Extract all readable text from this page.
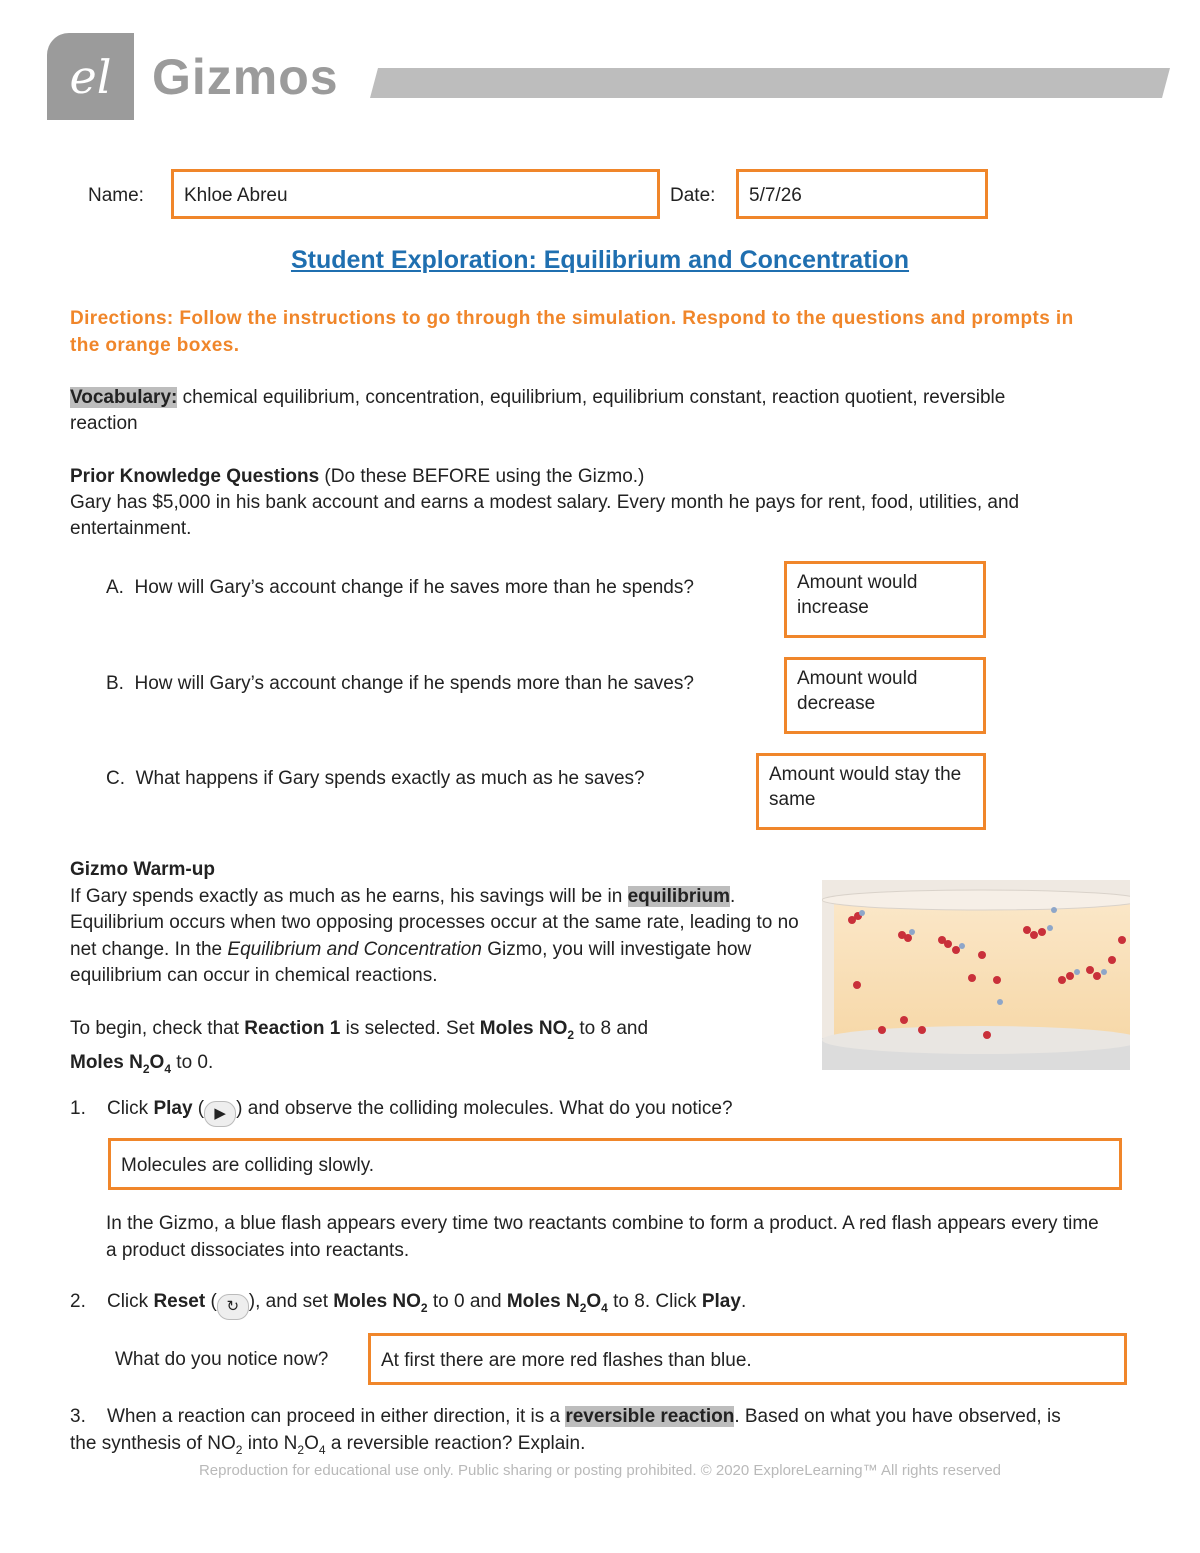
el Gizmos
Name:	Khloe Abreu	Date:	5/7/26
Student Exploration: Equilibrium and Concentration
Directions: Follow the instructions to go through the simulation. Respond to the questions and prompts in the orange boxes.
Vocabulary: chemical equilibrium, concentration, equilibrium, equilibrium constant, reaction quotient, reversible reaction
Prior Knowledge Questions (Do these BEFORE using the Gizmo.)
Gary has $5,000 in his bank account and earns a modest salary. Every month he pays for rent, food, utilities, and entertainment.
A. How will Gary’s account change if he saves more than he spends?	Amount would increase
B. How will Gary’s account change if he spends more than he saves?	Amount would decrease
C. What happens if Gary spends exactly as much as he saves?	Amount would stay the same
Gizmo Warm-up
If Gary spends exactly as much as he earns, his savings will be in equilibrium. Equilibrium occurs when two opposing processes occur at the same rate, leading to no net change. In the Equilibrium and Concentration Gizmo, you will investigate how equilibrium can occur in chemical reactions.
To begin, check that Reaction 1 is selected. Set Moles $NO_2$ to 8 and
Moles $N_2O_4$ to 0.
1. Click Play ( ▶ ) and observe the colliding molecules. What do you notice?
Molecules are colliding slowly.
In the Gizmo, a blue flash appears every time two reactants combine to form a product. A red flash appears every time a product dissociates into reactants.
2. Click Reset ( ↻ ), and set Moles $NO_2$ to 0 and Moles $N_2O_4$ to 8. Click Play.
What do you notice now?	At first there are more red flashes than blue.
3. When a reaction can proceed in either direction, it is a reversible reaction. Based on what you have observed, is the synthesis of $NO_2$ into $N_2O_4$ a reversible reaction? Explain.
Reproduction for educational use only. Public sharing or posting prohibited. © 2020 ExploreLearning™ All rights reserved
